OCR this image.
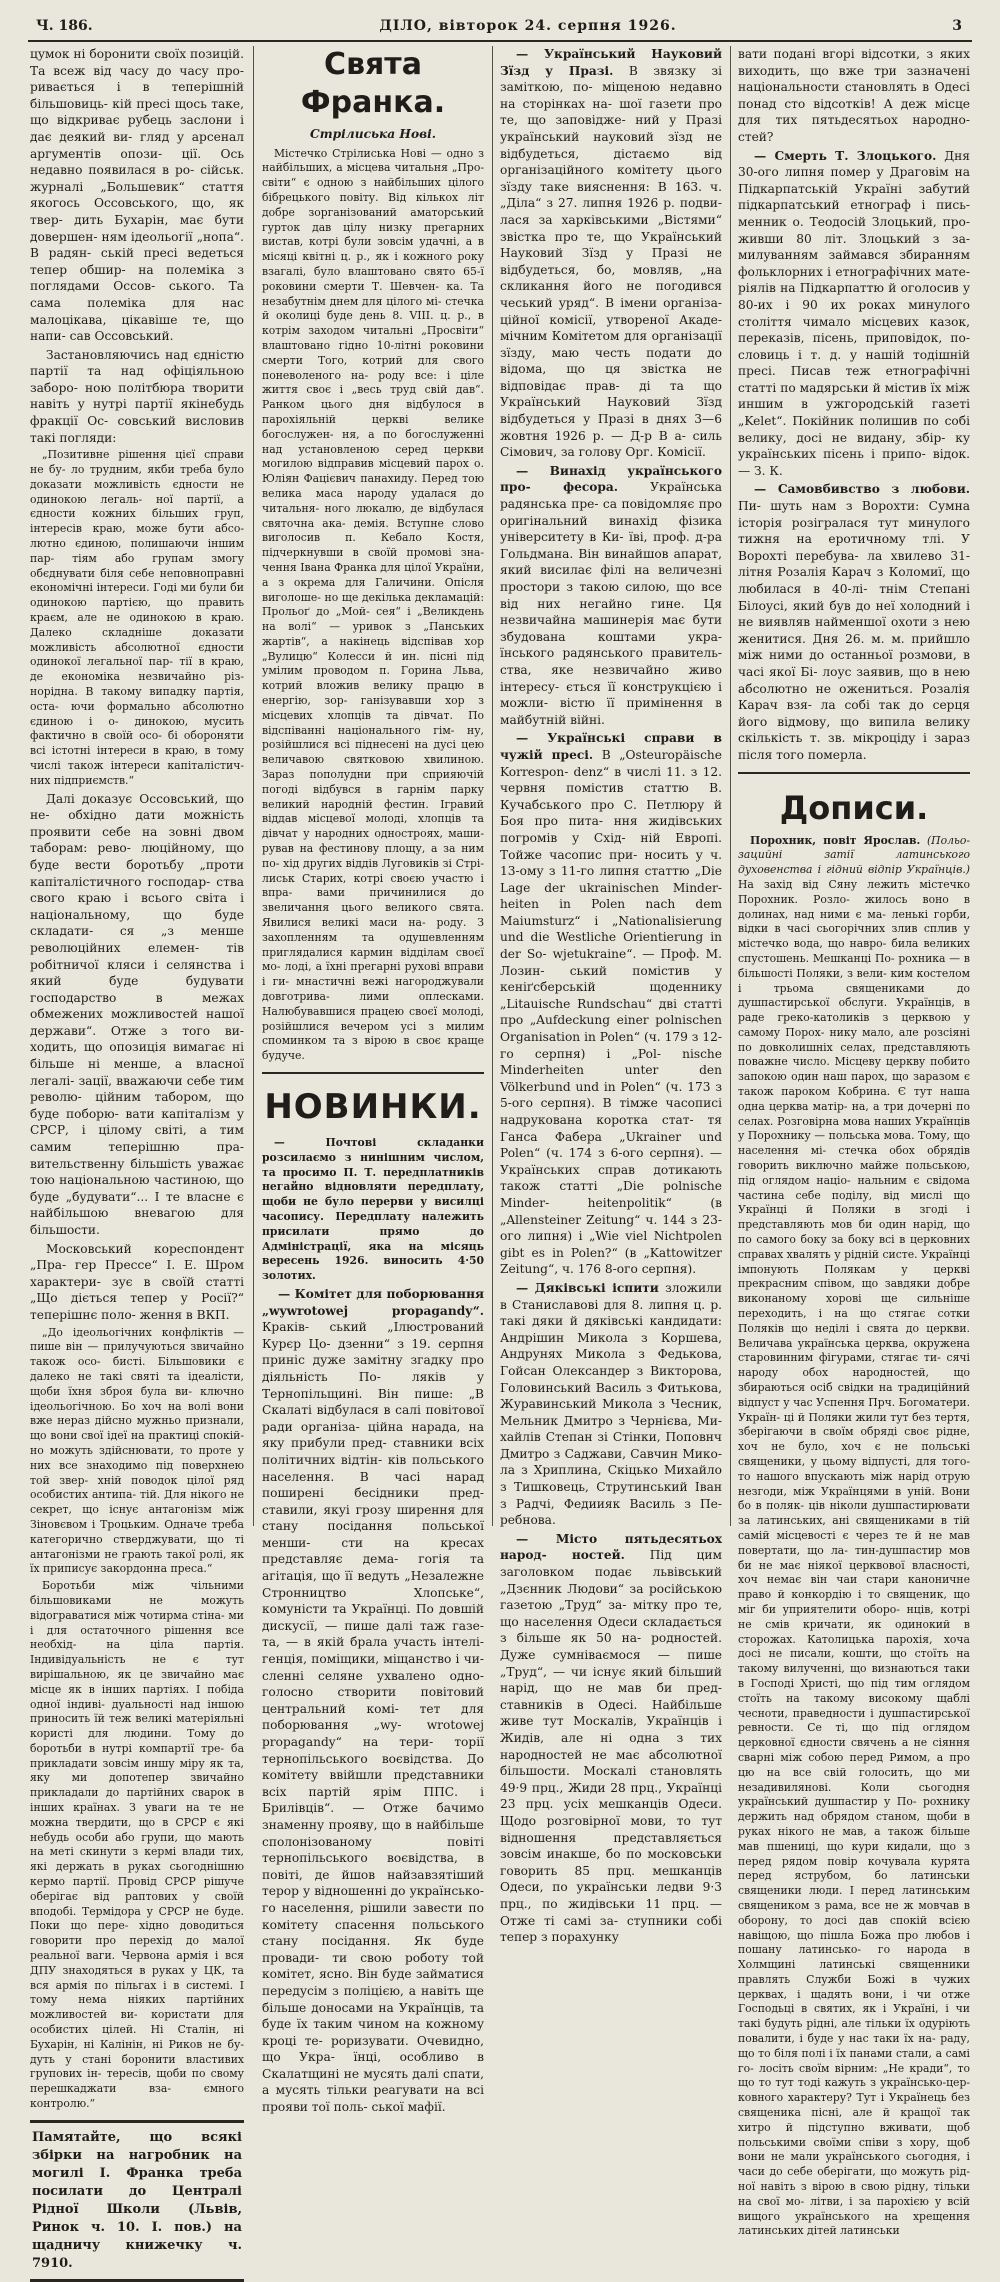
Ч. 186.	ДІЛО, вівторок 24. серпня 1926.	3

цумок ні боронити своїх позицій. Та всеж від часу до часу про- ривається і в теперішній більшовиць- кій пресі щось таке, що відкриває рубець заслони і дає деякий ви- гляд у арсенал аргументів опози- ції. Ось недавно появилася в ро- сійськ. журналі „Большевик“ стаття якогось Оссовського, що, як твер- дить Бухарін, має бути довершен- ням ідеольогії „нопа“. В радян- ській пресі ведеться тепер обшир- на полеміка з поглядами Оссов- ського. Та сама полеміка для нас малоцікава, цікавіше те, що напи- сав Оссовський.

Застановляючись над єдністю партії та над офіціяльною заборо- ною політбюра творити навіть у нутрі партії якінебудь фракції Ос- совський висловив такі погляди:

„Позитивне рішення цієї справи не бу- ло трудним, якби треба було доказати можливість єдности не одинокою легаль- ної партії, а єдности кожних більших груп, інтересів краю, може бути абсо- лютно єдиною, полишаючи іншим пар- тіям або групам змогу обєднувати біля себе неповноправні економічні інтереси. Годі ми були би одинокою партією, що править краєм, але не одинокою в краю. Далеко складніше доказати можливість абсолютної єдности одинокої легальної пар- тії в краю, де економіка незвичайно різ- норідна. В такому випадку партія, оста- ючи формально абсолютно єдиною і о- динокою, мусить фактично в своїй осо- бі обороняти всі істотні інтереси в краю, в тому числі також інтереси капіталістич- них підприємств.“

Далі доказує Оссовський, що не- обхідно дати можність проявити себе на зовні двом таборам: рево- люційному, що буде вести боротьбу „проти капіталістичного господар- ства свого краю і всього світа і національному, що буде складати- ся „з менше революційних елемен- тів робітничої кляси і селянства і який буде будувати господарство в межах обмежених можливостей нашої держави“. Отже з того ви- ходить, що опозиція вимагає ні більше ні менше, а власної легалі- зації, вважаючи себе тим револю- ційним табором, що буде поборю- вати капіталізм у СРСР, і цілому світі, а тим самим теперішню пра- вительственну більшість уважає тою національною частиною, що буде „будувати“... І те власне є найбільшою вневагою для більшости.

Московський кореспондент „Пра- гер Прессе“ І. Е. Шром характери- зує в своїй статті „Що діється тепер у Росії?“ теперішнє поло- ження в ВКП.

„До ідеольогічних конфліктів — пише він — прилучуються звичайно також осо- бисті. Більшовики є далеко не такі святі та ідеалісти, щоби їхня зброя була ви- ключно ідеольогічною. Бо хоч на волі вони вже нераз дійсно мужньо признали, що вони свої ідеї на практиці спокій- но можуть здійснювати, то проте у них все знаходимо під поверхнею той звер- хній поводок цілої ряд особистих антипа- тій. Для нікого не секрет, що існує антагонізм між Зіновєвом і Троцьким. Одначе треба категорично стверджувати, що ті антагонізми не грають такої ролі, як їх приписує закордонна преса.“

Боротьби між чільними більшовиками не можуть відограватися між чотирма стіна- ми і для остаточного рішення все необхід- на ціла партія. Індивідуальність не є тут вирішальною, як це звичайно має місце як в інших партіях. І побіда одної індиві- дуальності над іншою приносить їй теж великі матеріяльні користі для людини. Тому до боротьби в нутрі компартії тре- ба прикладати зовсім иншу міру як та, яку ми допотепер звичайно прикладали до партійних сварок в інших країнах. З уваги на те не можна твердити, що в СРСР є які небудь особи або групи, що мають на меті скинути з кермі влади тих, які держать в руках сьогоднішню кермо партії. Провід СРСР рішуче оберігає від раптових у своїй вподобі. Термідора у СРСР не буде. Поки що пере- хідно доводиться говорити про перехід до малої реальної ваги. Червона армія і вся ДПУ знаходяться в руках у ЦК, та вся армія по пільгах і в системі. І тому нема ніяких партійних можливостей ви- користати для особистих цілей. Ні Сталін, ні Бухарін, ні Калінін, ні Риков не бу- дуть у стані боронити властивих групових ін- тересів, щоби по свому перешкаджати вза- ємного контролю.“

Памятайте, що всякі збірки на нагробник на могилі І. Франка треба посилати до Централі Рідної Школи (Львів, Ринок ч. 10. І. пов.) на щадничу книжечку ч. 7910.
Свята Франка.
Стрілиська Нові.

Містечко Стрілиська Нові — одно з найбільших, а місцева читальня „Про- світи“ є одною з найбільших цілого бібрецького повіту. Від кількох літ добре зорганізований аматорський гурток дав цілу низку прегарних вистав, котрі були зовсім удачні, а в місяці квітні ц. р., як і кожного року взагалі, було влаштовано свято 65-ї роковини смерти Т. Шевчен- ка. Та незабутнім днем для цілого мі- стечка й околиці буде день 8. VIII. ц. р., в котрім заходом читальні „Просвіти“ влаштовано гідно 10-літні роковини смерти Того, котрий для свого поневоленого на- роду все: і ціле життя своє і „весь труд свій дав“. Ранком цього дня відбулося в парохіяльній церкві велике богослужен- ня, а по богослуженні над установленою серед церкви могилою відправив місцевий парох о. Юліян Фацієвич панахиду. Перед тою велика маса народу удалася до читальня- ного люкалю, де відбулася святочна ака- демія. Вступне слово виголосив п. Кебало Костя, підчеркнувши в своїй промові зна- чення Івана Франка для цілої України, а з окрема для Галичини. Опісля виголоше- но ще декілька декламацій: Прольоґ до „Мой- сея“ і „Великдень на волі“ — уривок з „Панських жартів“, а накінець відспівав хор „Вулицю“ Колесси й ин. пісні під умілим проводом п. Горина Льва, котрий вложив велику працю в енергію, зор- ганізувавши хор з місцевих хлопців та дівчат. По відспіванні національного гім- ну, розійшлися всі піднесені на дусі цею величавою святковою хвилиною. Зараз пополудни при сприяючій погоді відбувся в гарнім парку великий народній фестин. Ігравий віддав місцевої молоді, хлопців та дівчат у народних одностроях, маши- рував на фестинову площу, а за ним по- хід других віддів Луговиків зі Стрі- лиськ Старих, котрі своєю участю і впра- вами причинилися до звеличання цього великого свята. Явилися великі маси на- роду. З захопленням та одушевленням приглядалися кармин відділам своєї мо- лоді, а їхні прегарні рухові вправи і ги- мнастичні вежі нагороджували довготрива- лими оплесками. Налюбувавшися працею своєї молоді, розійшлися вечером усі з милим споминком та з вірою в своє краще будуче.

НОВИНКИ.

— Почтові складанки розсилаємо з нинішним числом, та просимо П. Т. передплатників негайно відновляти передплату, щоби не було перерви у висилці часопису. Передплату належить присилати прямо до Адміністрації, яка на місяць вересень 1926. виносить 4·50 золотих.

— Комітет для поборювання „wywrotowej propagandy“. Краків- ський „Ілюстрований Курєр Цо- дзенни“ з 19. серпня приніс дуже замітну згадку про діяльність По- ляків у Тернопільщині. Він пише: „В Скалаті відбулася в салі повітової ради організа- ційна нарада, на яку прибули пред- ставники всіх політичних відтін- ків польського населення. В часі нарад поширені бесідники пред- ставили, якуi грозу ширення для стану посідання польської менши- сти на кресах представляє дема- гогія та агітація, що її ведуть „Незалежне Стронництво Хлопське“, комуністи та Українці. По довшій дискусії, — пише далі таж газе- та, — в якій брала участь інтелі- генція, поміщики, міщанство і чи- сленні селяне ухвалено одно- голосно створити повітовий центральний комі- тет для поборювання „wy- wrotowej propagandy“ на тери- торії тернопільського воєвідства. До комітету ввійшли представники всіх партій ярім ППС. і Брилівців“. — Отже бачимо знаменну прояву, що в найбільше сполонізованому повіті тернопільського воєвідства, в повіті, де йшов найзавзятіший терор у відношенні до українсько- го населення, рішили завести по комітету спасення польського стану посідання. Як буде провади- ти свою роботу той комітет, ясно. Він буде займатися передусім з поліцією, а навіть ще більше доносами на Українців, та буде їх таким чином на кожному кроці те- роризувати. Очевидно, що Укра- їнці, особливо в Скалатщині не мусять далі спати, а мусять тільки реагувати на всі прояви тої поль- ської мафії.

— Український Науковий Зїзд у Празі. В звязку зі заміткою, по- міщеною недавно на сторінках на- шої газети про те, що заповідже- ний у Празі український науковий зїзд не відбудеться, дістаємо від організаційного комітету цього зїзду таке вияснення: В 163. ч. „Діла“ з 27. липня 1926 р. подви- лася за харківськими „Вістями“ звістка про те, що Український Науковий Зїзд у Празі не відбудеться, бо, мовляв, „на скликання його не погодився чеський уряд“. В імени організа- ційної комісії, утвореної Акаде- мічним Комітетом для організації зїзду, маю честь подати до відома, що ця звістка не відповідає прав- ді та що Український Науковий Зїзд відбудеться у Празі в днях 3—6 жовтня 1926 р. — Д-р В а- силь Сімович, за голову Орг. Комісії.

— Винахід українського про- фесора.	Українська радянська пре- са повідомляє про оригінальний винахід фізика університету в Ки- їві, проф. д-ра Гольдмана. Він винайшов апарат, який висилає філі на величезні простори з такою силою, що все від них негайно гине. Ця незвичайна машинерія має бути збудована коштами укра- їнського радянського правитель- ства, яке незвичайно живо інтересу- ється її конструкцією і можли- вістю її примінення в майбутній війні.

— Українські справи в чужій пресі. В „Osteuropäische Korrespon- denz“ в числі 11. з 12. червня помістив статтю В. Кучабського про С. Петлюру й Боя про пита- ння жидівських погромів у Схід- ній Европі. Тойже часопис при- носить у ч. 13-ому з 11-го липня статтю „Die Lage der ukrainischen Minder- heiten in Polen nach dem Maiumsturz“ і „Nationalisierung und die Westliche Orientierung in der So- wjetukraine“. — Проф. М. Лозин- ський помістив у кеніґсберській щоденнику „Litauische Rundschau“ дві статті про „Aufdeckung einer polnischen Organisation in Polen“ (ч. 179 з 12-го серпня) і „Pol- nische Minderheiten unter den Völkerbund und in Polen“ (ч. 173 з 5-ого серпня). В тімже часописі надрукована коротка стат- тя Ганса Фабера „Ukrainer und Polen“ (ч. 174 з 6-ого серпня). — Українських справ дотикають також статті „Die polnische Minder- heitenpolitik“ (в „Allensteiner Zeitung“ ч. 144 з 23-ого липня) і „Wie viel Nichtpolen gibt es in Polen?“ (в „Kattowitzer Zeitung“, ч. 176 8-ого серпня).

— Дяківські іспити зложили в Станиславові для 8. липня ц. р. такі дяки й дяківські кандидати: Андрішин Микола з Коршева, Андрунях Микола з Федькова, Гойсан Олександер з Викторова, Головинський Василь з Фитькова, Журавинський Микола з Чесник, Мельник Дмитро з Чернієва, Ми- хайлів Степан зі Стінки, Поповнч Дмитро з Саджави, Савчин Мико- ла з Хриплина, Скіцько Михайло з Тишковець, Струтинський Іван з Радчі, Федиияк Василь з Пе- ребнова.

— Місто пятьдесятьох народ- ностей. Під цим заголовком подає львівський „Дзєнник Людови“ за російською газетою „Труд“ за- мітку про те, що населення Одеси складається з більше як 50 на- родностей. Дуже сумніваємося — пише „Труд“, — чи існує який більший нарід, що не мав би пред- ставників в Одесі. Найбільше живе тут Москалів, Українців і Жидів, але ні одна з тих народностей не має абсолютної більшости. Москалі становлять 49·9 прц., Жиди 28 прц., Українці 23 прц. усіх мешканців Одеси. Щодо розговірної мови, то тут відношення представляється зовсім инакше, бо по московськи говорить 85 прц. мешканців Одеси, по українськи ледви 9·3 прц., по жидівськи 11 прц. — Отже ті самі за- ступники собі тепер з порахунку

вати подані вгорі відсотки, з яких виходить, що вже три зазначені національности становлять в Одесі понад сто відсотків! А деж місце для тих пятьдесятьох народно- стей?

— Смерть Т. Злоцького. Дня 30-ого липня помер у Драговім на Підкарпатській Україні забутий підкарпатський етнограф і пись- менник о. Теодосій Злоцький, про- живши 80 літ. Злоцький з за- милуванням займався збиранням фольклорних і етнографічних мате- ріялів на Підкарпаттю й оголосив у 80-их і 90 их роках минулого століття чимало місцевих казок, переказів, пісень, приповідок, по- словиць і т. д. у нашій тодішній пресі. Писав теж етнографічні статті по мадярськи й містив їх між иншим в ужгородській газеті „Kelet“. Покійник полишив по собі велику, досі не видану, збір- ку українських пісень і припо- відок. — З. К.

— Самовбивство з любови. Пи- шуть нам з Ворохти: Сумна історія розігралася тут минулого тижня на еротичному тлі. У Ворохті перебува- ла хвилево 31-літня Розалія Карач з Коломиї, що любилася в 40-лі- тнім Степані Білоусі, який був до неї холодний і не виявляв найменшої охоти з нею женитися. Дня 26. м. м. прийшло між ними до останньої розмови, в часі якої Бі- лоус заявив, що в нею абсолютно не ожениться. Розалія Карач взя- ла собі так до серця його відмову, що випила велику скількість т. зв. мікроціду і зараз після того померла.

Дописи.

Порохник, повіт Ярослав. (Польо- зацийні затії латинського духовенства і гідний відпір Українців.) На захід від Сяну лежить містечко Порохник. Розло- жилось воно в долинах, над ними є ма- ленькі горби, відки в часі сьогорічних злив сплив у містечко вода, що навро- била великих спустошень. Мешканці По- рохника — в більшості Поляки, з вели- ким костелом і трьома священиками до душпастирської обслуги. Українців, в раде греко-католиків з церквою у самому Порох- нику мало, але розсіяні по довколишніх селах, представляють поважне число. Місцеву церкву побито запокою один наш парох, що заразом є також пароком Кобрина. Є тут наша одна церква матір- на, а три дочерні по селах. Розговірна мова наших Українців у Порохнику — польська мова. Тому, що населення мі- стечка обох обрядів говорить виключно майже польською, під оглядом націо- нальним є свідома частина себе поділу, від мислі що Українці й Поляки в згоді і представляють мов би один нарід, що по самого боку за боку всі в церковних справах хвалять у рідній систе. Українці імпонують Полякам у церкві прекрасним співом, що завдяки добре виконаному хорові ще сильніше переходить, і на що стягає сотки Поляків що неділі і свята до церкви. Величава українська церква, окружена старовинним фігурами, стягає ти- сячі народу обох народностей, що збираються осіб свідки на традиційний відпуст у час Успення Прч. Богоматери. Україн- ці й Поляки жили тут без тертя, зберігаючи в своїм обряді своє рідне, хоч не було, хоч є не польські священики, у цьому відпусті, для того-то нашого впускають між нарід отрую незгоди, між Українцями в уній. Вони бо в поляк- ців ніколи душпастирювати за латинських, ані священиками в тій самій місцевості є через те й не мав повертати, що ла- тин-душпастир мов би не має ніякої церквової власності, хоч немає він чаи стари каноничне право й конкордію і то священик, що міг би уприятелити оборо- нців, котрі не смів кричати, як одинокий в сторожах. Католицька парохія, хоча досі не писали, кошти, що стоїть на такому вилученні, що визнаються таки в Господі Христі, що під тим оглядом стоїть на такому високому щаблі чесноти, праведности і душпастирської ревности. Се ті, що під оглядом церковної єдности свячень а не сіяння сварні між собою перед Римом, а про цю на все свій голосить, що ми незадивилянові. Коли сьогодня український душпастир у По- рохнику держить над обрядом станом, щоби в руках нікого не мав, а також більше мав пшениці, що кури кидали, що з перед рядом повір кочувала курята перед яструбом, бо латинськи священики люди. І перед латинським священиком з рама, все не ж мовчав в оборону, то досі дав спокій всією навіщою, що пішла Божа про любов і пошану латинсько- го народа в Холмщині латинські священники правлять Служби Божі в чужих церквах, і щадять вони, і чи отже Господьці в святих, як і Україні, і чи такі будуть рідні, але тільки їх одуріють повалити, і буде у нас таки їх на- раду, що то біля полі і їх панами стали, а самі го- лосіть своїм вірним: „Не кради“, то що то тут тоді кажуть з українсько-цер- ковного характеру? Тут і Українець без священика пісні, але й кращої так хитро й підступно вживати, щоб польськими своїми співи з хору, щоб вони не мали українського сьогодня, і часи до себе оберігати, що можуть рід- ної навіть з вірою в свою рідну, тільки на свої мо- літви, і за парохією у всій вищого українського на хрещення латинських дітей латинськи
